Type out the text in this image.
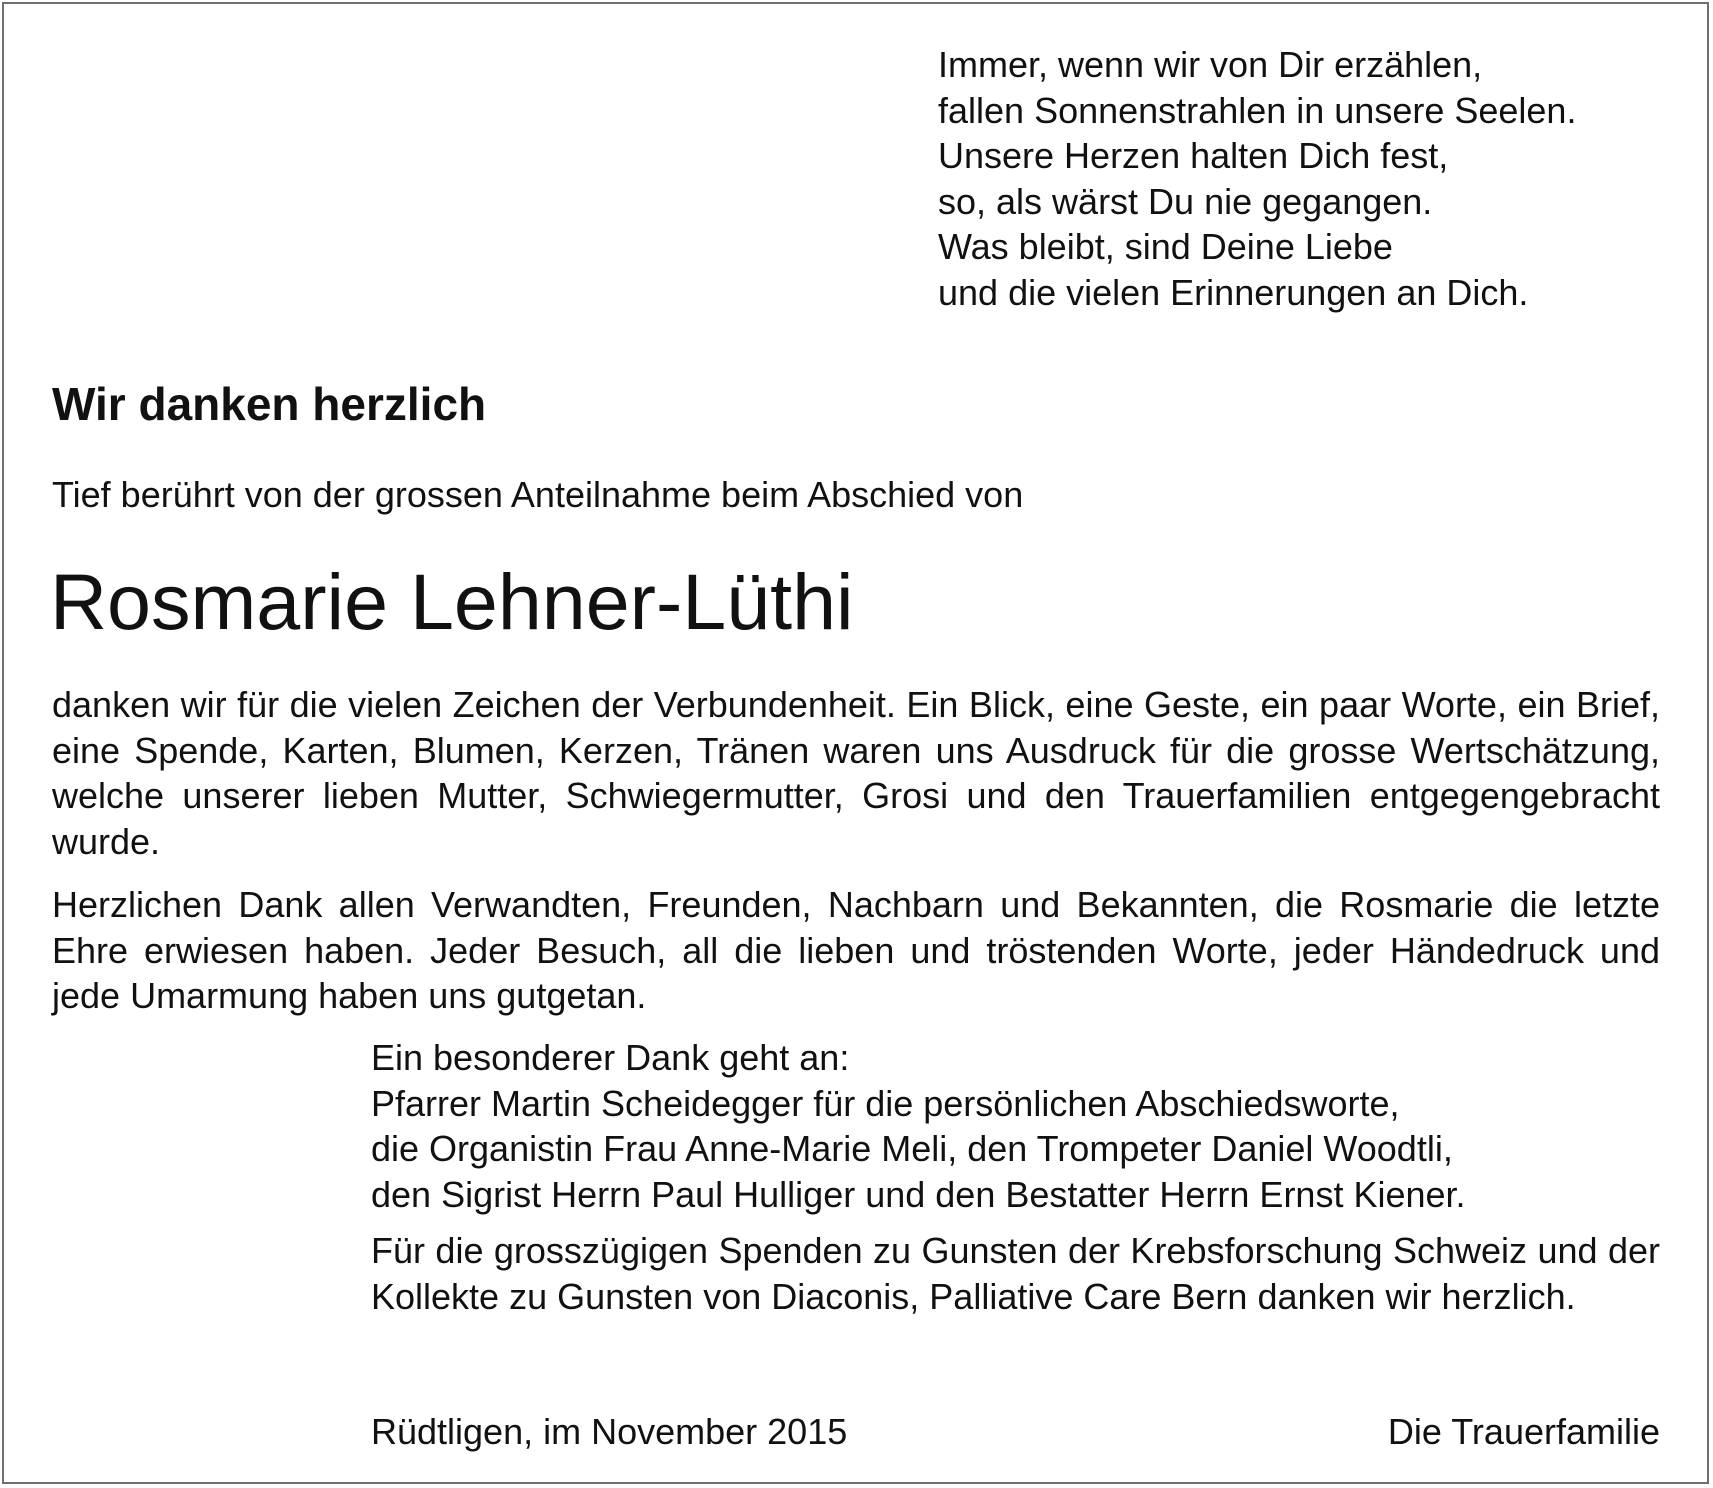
Immer, wenn wir von Dir erzählen,
fallen Sonnenstrahlen in unsere Seelen.
Unsere Herzen halten Dich fest,
so, als wärst Du nie gegangen.
Was bleibt, sind Deine Liebe
und die vielen Erinnerungen an Dich.
Wir danken herzlich

Tief berührt von der grossen Anteilnahme beim Abschied von

Rosmarie Lehner-Lüthi

danken wir für die vielen Zeichen der Verbundenheit. Ein Blick, eine Geste, ein paar Worte, ein Brief, eine Spende, Karten, Blumen, Kerzen, Tränen waren uns Ausdruck für die grosse Wertschätzung, welche unserer lieben Mutter, Schwiegermutter, Grosi und den Trauerfamilien entgegengebracht wurde.

Herzlichen Dank allen Verwandten, Freunden, Nachbarn und Bekannten, die Rosmarie die letzte Ehre erwiesen haben. Jeder Besuch, all die lieben und tröstenden Worte, jeder Händedruck und jede Umarmung haben uns gutgetan.

Ein besonderer Dank geht an:
Pfarrer Martin Scheidegger für die persönlichen Abschiedsworte,
die Organistin Frau Anne-Marie Meli, den Trompeter Daniel Woodtli,
den Sigrist Herrn Paul Hulliger und den Bestatter Herrn Ernst Kiener.

Für die grosszügigen Spenden zu Gunsten der Krebsforschung Schweiz und der Kollekte zu Gunsten von Diaconis, Palliative Care Bern danken wir herzlich.

Rüdtligen, im November 2015	Die Trauerfamilie
